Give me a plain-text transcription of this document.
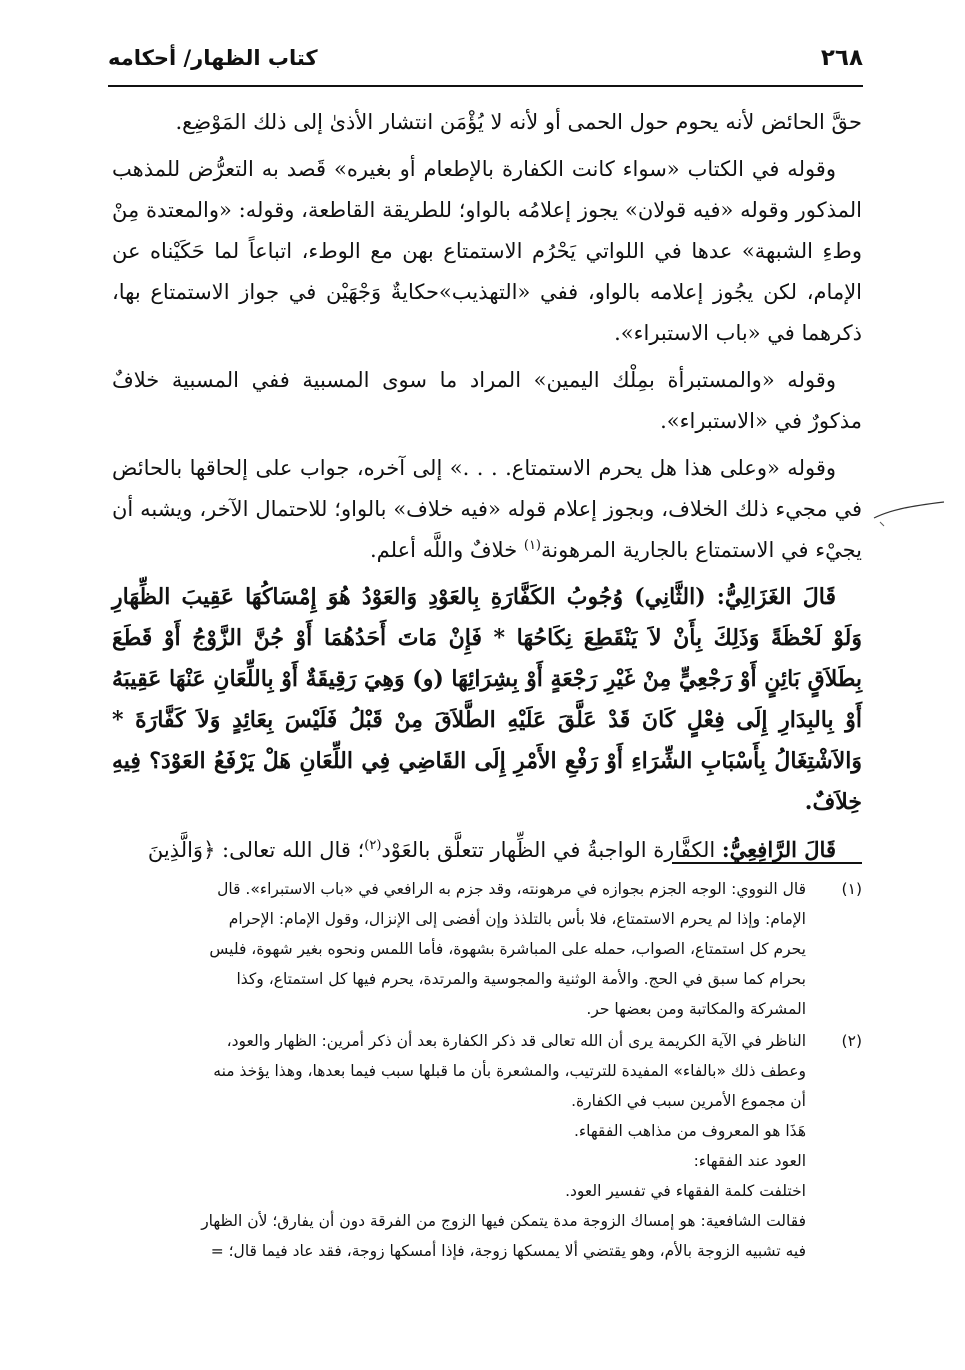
٢٦٨
كتاب الظهار/ أحكامه

حقَّ الحائض لأنه يحوم حول الحمى أو لأنه لا يُؤْمَن انتشار الأذىٰ إلى ذلك المَوْضِع.

وقوله في الكتاب «سواء كانت الكفارة بالإطعام أو بغيره» قَصد به التعرُّض للمذهب المذكور وقوله «فيه قولان» يجوز إعلامُه بالواو؛ للطريقة القاطعة، وقوله: «والمعتدة مِنْ وطءِ الشبهة» عدها في اللواتي يَحْرُم الاستمتاع بهن مع الوطء، اتباعاً لما حَكَيْناه عن الإمام، لكن يجُوز إعلامه بالواو، ففي «التهذيب»حكايةٌ وَجْهَيْن في جواز الاستمتاع بها، ذكرهما في «باب الاستبراء».

وقوله «والمستبرأة بمِلْك اليمين» المراد ما سوى المسبية ففي المسبية خلافٌ مذكورٌ في «الاستبراء».

وقوله «وعلى هذا هل يحرم الاستمتاع. . . .» إلى آخره، جواب على إلحاقها بالحائض في مجيء ذلك الخلاف، وبجوز إعلام قوله «فيه خلاف» بالواو؛ للاحتمال الآخر، ويشبه أن يجيْء في الاستمتاع بالجارية المرهونة$^{(١)}$ خلافٌ واللَّه أعلم.

قَالَ الغَزَالِيُّ: (الثَّانِي) وُجُوبُ الكَفَّارَةِ بِالعَوْدِ وَالعَوْدُ هُوَ إِمْسَاكُهَا عَقِيبَ الظِّهَارِ وَلَوْ لَحْظَةً وَذَلِكَ بِأَنْ لاَ يَنْقَطِعَ نِكَاحُهَا * فَإِنْ مَاتَ أَحَدُهُمَا أَوْ جُنَّ الزَّوْجُ أَوْ قَطَعَ بِطَلاَقٍ بَائِنٍ أَوْ رَجْعِيٍّ مِنْ غَيْرِ رَجْعَةٍ أَوْ بِشِرَائِهَا (و) وَهِيَ رَقِيقَةٌ أَوْ بِاللِّعَانِ عَنْهَا عَقِيبَهُ أَوْ بِالبِدَارِ إِلَى فِعْلٍ كَانَ قَدْ عَلَّقَ عَلَيْهِ الطَّلاَقَ مِنْ قَبْلُ فَلَيْسَ بِعَائِدٍ وَلاَ كَفَّارَةَ * وَالاَشْتِغَالُ بِأَسْبَابِ الشِّرَاءِ أَوْ رَفْعِ الأَمْرِ إِلَى القَاضِي فِي اللِّعَانِ هَلْ يَرْفَعُ العَوْدَ؟ فِيهِ خِلاَفٌ.

قَالَ الرَّافِعِيُّ: الكفَّارة الواجبةُ في الظِّهار تتعلَّق بالعَوْد$^{(٢)}$؛ قال الله تعالى: ﴿وَالَّذِينَ

(١)
قال النووي: الوجه الجزم بجوازه في مرهونته، وقد جزم به الرافعي في «باب الاستبراء». قال
الإمام: وإذا لم يحرم الاستمتاع، فلا بأس بالتلذذ وإن أفضى إلى الإنزال، وقول الإمام: الإحرام
يحرم كل استمتاع، الصواب، حمله على المباشرة بشهوة، فأما اللمس ونحوه بغير شهوة، فليس
بحرام كما سبق في الحج. والأمة الوثنية والمجوسية والمرتدة، يحرم فيها كل استمتاع، وكذا
المشركة والمكاتبة ومن بعضها حر.
(٢)
الناظر في الآية الكريمة يرى أن الله تعالى قد ذكر الكفارة بعد أن ذكر أمرين: الظهار والعود،
وعطف ذلك «بالفاء» المفيدة للترتيب، والمشعرة بأن ما قبلها سبب فيما بعدها، وهذا يؤخذ منه
أن مجموع الأمرين سبب في الكفارة.
هَذَا هو المعروف من مذاهب الفقهاء.
العود عند الفقهاء:
اختلفت كلمة الفقهاء في تفسير العود.
فقالت الشافعية: هو إمساك الزوجة مدة يتمكن فيها الزوج من الفرقة دون أن يفارق؛ لأن الظهار
فيه تشبيه الزوجة بالأم، وهو يقتضي ألا يمسكها زوجة، فإذا أمسكها زوجة، فقد عاد فيما قال؛ =
